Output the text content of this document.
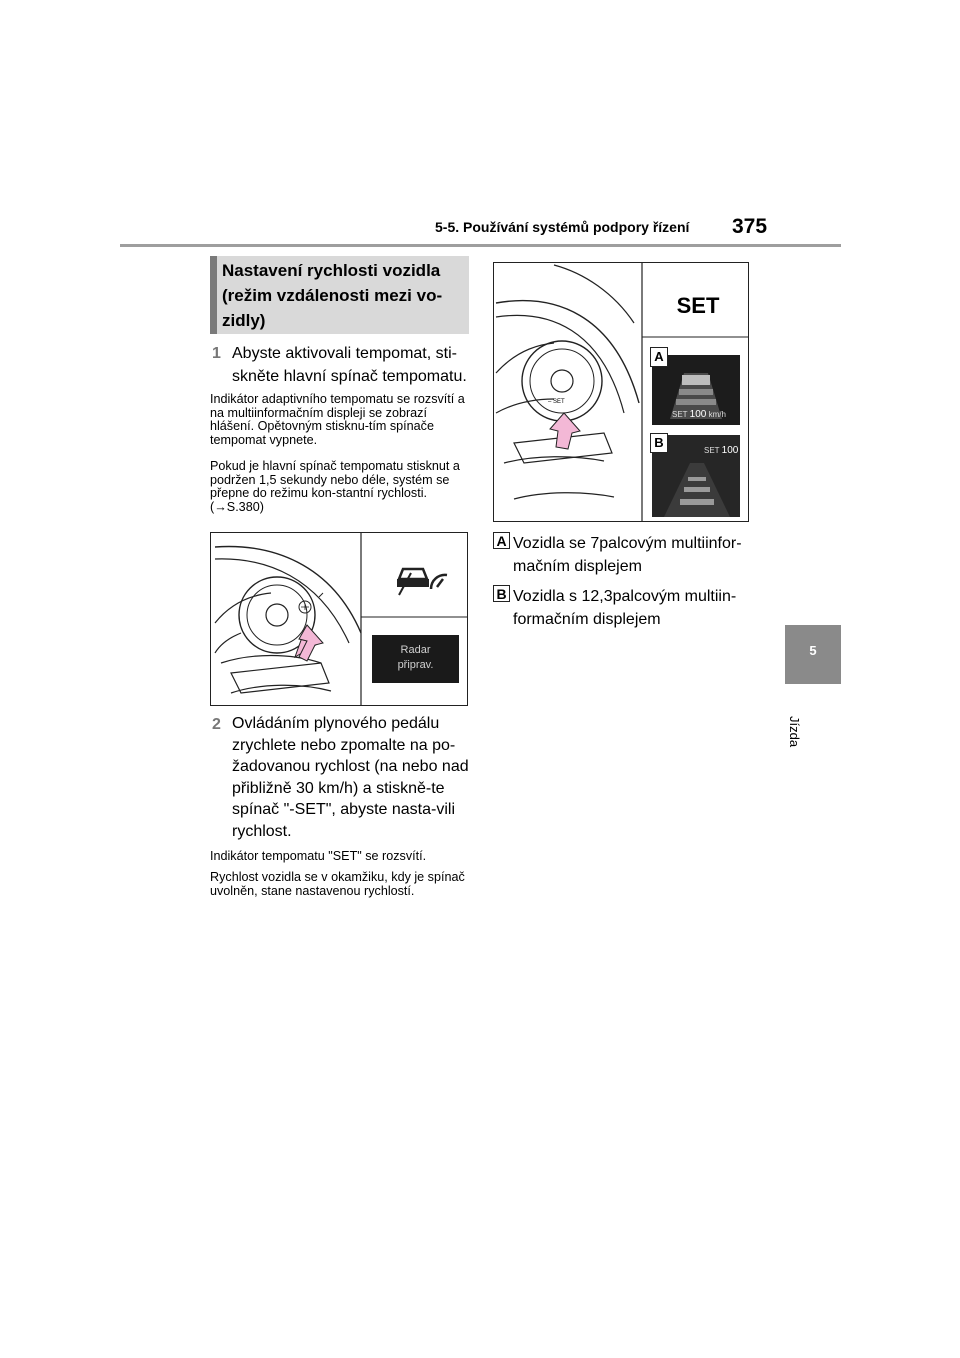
5-5. Používání systémů podpory řízení 375
5
Jízda
Nastavení rychlosti vozidla (režim vzdálenosti mezi vo-zidly)
1 Abyste aktivovali tempomat, sti-skněte hlavní spínač tempomatu.
Indikátor adaptivního tempomatu se rozsvítí a na multiinformačním displeji se zobrazí hlášení. Opětovným stisknu-tím spínače tempomat vypnete.
Pokud je hlavní spínač tempomatu stisknut a podržen 1,5 sekundy nebo déle, systém se přepne do režimu kon-stantní rychlosti. (→S.380)
Radar
připrav.
2 Ovládáním plynového pedálu zrychlete nebo zpomalte na po-žadovanou rychlost (na nebo nad přibližně 30 km/h) a stiskně-te spínač "-SET", abyste nasta-vili rychlost.
Indikátor tempomatu "SET" se rozsvítí.
Rychlost vozidla se v okamžiku, kdy je spínač uvolněn, stane nastavenou rychlostí.
SET
– SET
A
B
SET 100 km/h
SET 100
A Vozidla se 7palcovým multiinfor-mačním displejem
B Vozidla s 12,3palcovým multiin-formačním displejem
